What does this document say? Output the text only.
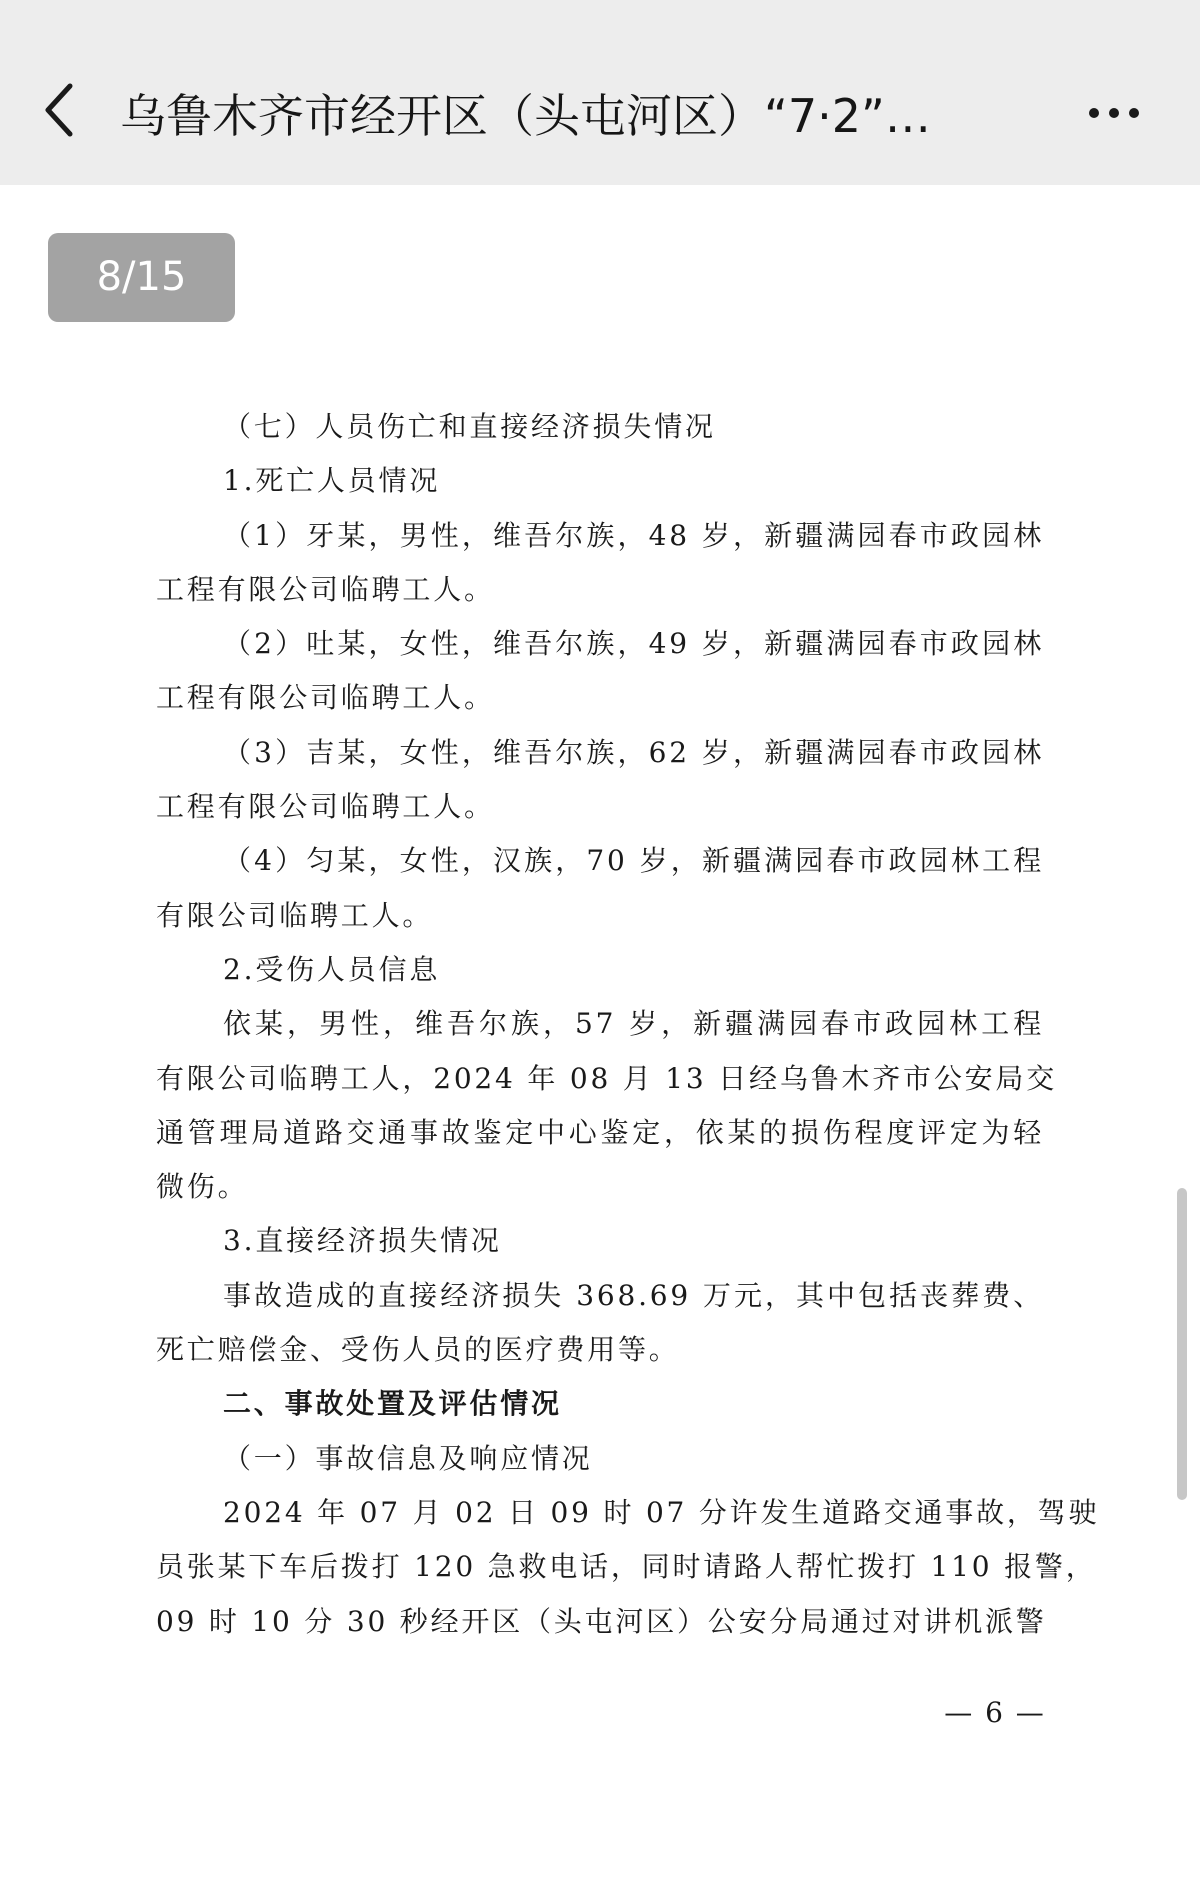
乌鲁木齐市经开区（头屯河区）“7·2”…
8/15
（七）人员伤亡和直接经济损失情况
1.死亡人员情况
（1）牙某，男性，维吾尔族，48 岁，新疆满园春市政园林
工程有限公司临聘工人。
（2）吐某，女性，维吾尔族，49 岁，新疆满园春市政园林
工程有限公司临聘工人。
（3）吉某，女性，维吾尔族，62 岁，新疆满园春市政园林
工程有限公司临聘工人。
（4）匀某，女性，汉族，70 岁，新疆满园春市政园林工程
有限公司临聘工人。
2.受伤人员信息
依某，男性，维吾尔族，57 岁，新疆满园春市政园林工程
有限公司临聘工人，2024 年 08 月 13 日经乌鲁木齐市公安局交
通管理局道路交通事故鉴定中心鉴定，依某的损伤程度评定为轻
微伤。
3.直接经济损失情况
事故造成的直接经济损失 368.69 万元，其中包括丧葬费、
死亡赔偿金、受伤人员的医疗费用等。
二、事故处置及评估情况
（一）事故信息及响应情况
2024 年 07 月 02 日 09 时 07 分许发生道路交通事故，驾驶
员张某下车后拨打 120 急救电话，同时请路人帮忙拨打 110 报警，
09 时 10 分 30 秒经开区（头屯河区）公安分局通过对讲机派警
— 6 —
